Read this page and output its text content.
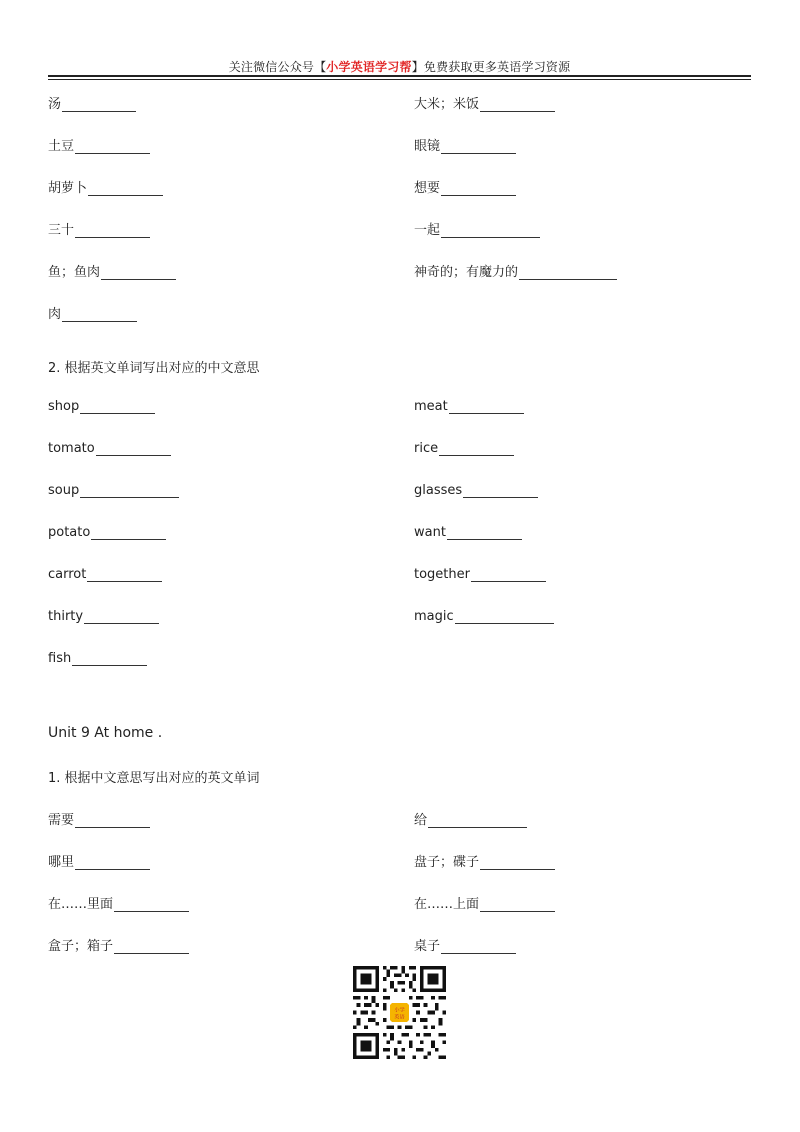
关注微信公众号【小学英语学习帮】免费获取更多英语学习资源
汤
土豆
胡萝卜
三十
鱼；鱼肉
肉
大米；米饭
眼镜
想要
一起
神奇的；有魔力的
2. 根据英文单词写出对应的中文意思
shop
tomato
soup
potato
carrot
thirty
fish
meat
rice
glasses
want
together
magic
Unit 9 At home .
1. 根据中文意思写出对应的英文单词
需要
哪里
在……里面
盒子；箱子
给
盘子；碟子
在……上面
桌子
小学
英语
